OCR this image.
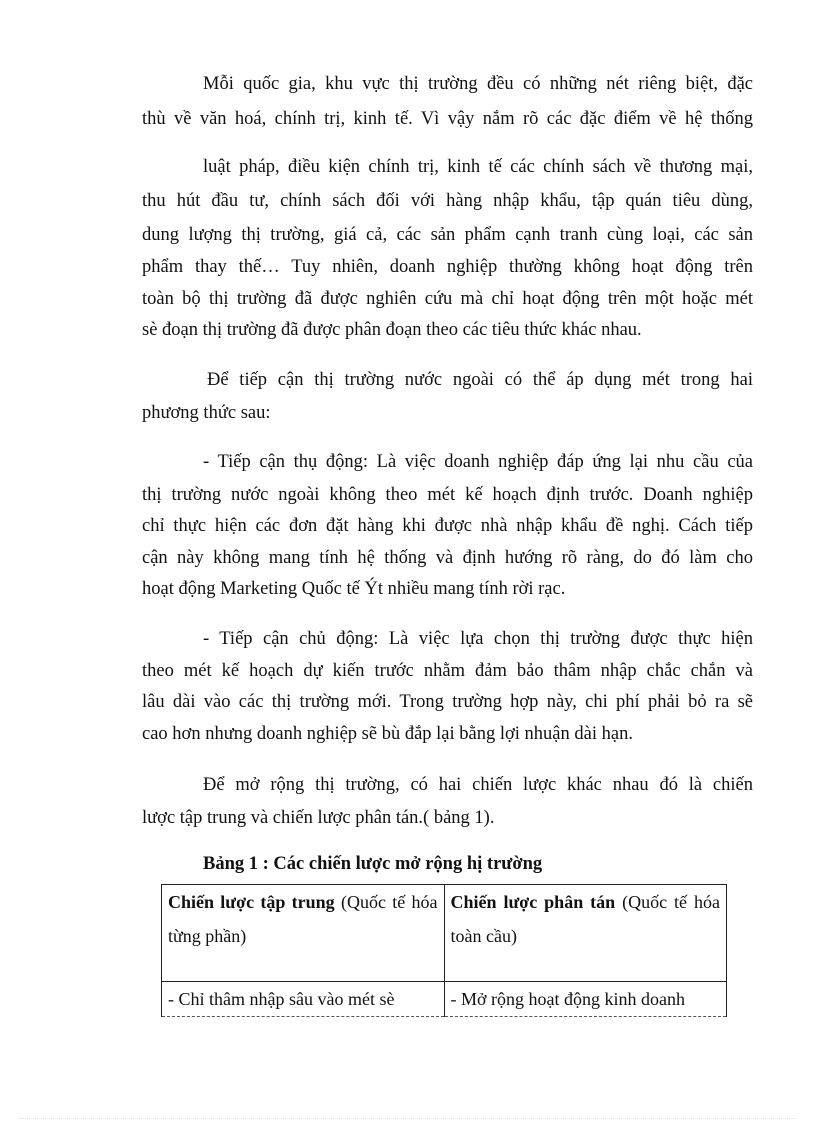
Mỗi quốc gia, khu vực thị trường đều có những nét riêng biệt, đặc
thù về văn hoá, chính trị, kinh tế. Vì vậy nắm rõ các đặc điểm về hệ thống
luật pháp, điều kiện chính trị, kinh tế các chính sách về thương mại,
thu hút đầu tư, chính sách đối với hàng nhập khẩu, tập quán tiêu dùng,
dung lượng thị trường, giá cả, các sản phẩm cạnh tranh cùng loại, các sản
phẩm thay thế… Tuy nhiên, doanh nghiệp thường không hoạt động trên
toàn bộ thị trường đã được nghiên cứu mà chỉ hoạt động trên một hoặc mét
sè đoạn thị trường đã được phân đoạn theo các tiêu thức khác nhau.
Để tiếp cận thị trường nước ngoài có thể áp dụng mét trong hai
phương thức sau:
- Tiếp cận thụ động: Là việc doanh nghiệp đáp ứng lại nhu cầu của
thị trường nước ngoài không theo mét kế hoạch định trước. Doanh nghiệp
chỉ thực hiện các đơn đặt hàng khi được nhà nhập khẩu đề nghị. Cách tiếp
cận này không mang tính hệ thống và định hướng rõ ràng, do đó làm cho
hoạt động Marketing Quốc tế Ýt nhiều mang tính rời rạc.
- Tiếp cận chủ động: Là việc lựa chọn thị trường được thực hiện
theo mét kế hoạch dự kiến trước nhằm đảm bảo thâm nhập chắc chắn và
lâu dài vào các thị trường mới. Trong trường hợp này, chi phí phải bỏ ra sẽ
cao hơn nhưng doanh nghiệp sẽ bù đắp lại bằng lợi nhuận dài hạn.
Để mở rộng thị trường, có hai chiến lược khác nhau đó là chiến
lược tập trung và chiến lược phân tán.( bảng 1).
Bảng 1 : Các chiến lược mở rộng hị trường
Chiến lược tập trung (Quốc tế hóa từng phần)	Chiến lược phân tán (Quốc tế hóa toàn cầu)
- Chỉ thâm nhập sâu vào mét sè	- Mở rộng hoạt động kinh doanh
